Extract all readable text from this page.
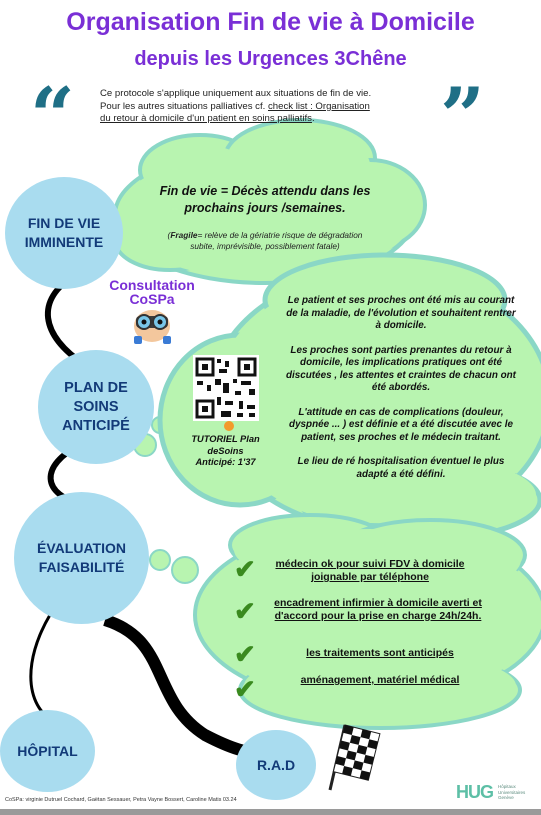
Organisation Fin de vie à Domicile
depuis les Urgences 3Chêne
“	”
Ce protocole s'applique uniquement aux situations de fin de vie.
Pour les autres situations palliatives cf. check list : Organisation
du retour à domicile d'un patient en soins palliatifs.
FIN DE VIE IMMINENTE
PLAN DE SOINS ANTICIPÉ
ÉVALUATION FAISABILITÉ
HÔPITAL
R.A.D
Fin de vie = Décès attendu dans les prochains jours /semaines.
(Fragile= relève de la gériatrie risque de dégradation subite, imprévisible, possiblement fatale)
Consultation
CoSPa
TUTORIEL Plan deSoins Anticipé: 1'37
Le patient et ses proches ont été mis au courant de la maladie, de l'évolution et souhaitent rentrer à domicile.
Les proches sont parties prenantes du retour à domicile, les implications pratiques ont été discutées , les attentes et craintes de chacun ont été abordés.
L'attitude en cas de complications (douleur, dyspnée ... ) est définie et a été discutée avec le patient, ses proches et le médecin traitant.
Le lieu de ré hospitalisation éventuel le plus adapté a été défini.
✔	médecin ok pour suivi FDV à domicile joignable par téléphone
✔	encadrement infirmier à domicile averti et d'accord pour la prise en charge 24h/24h.
✔	les traitements sont anticipés
✔	aménagement, matériel médical
HUG Hôpitaux
Universitaires
Genève
CoSPa: virginie Dutruel Cochard, Gaëtan Sessauer, Petra Vayne Bossert, Caroline Matis 03.24
